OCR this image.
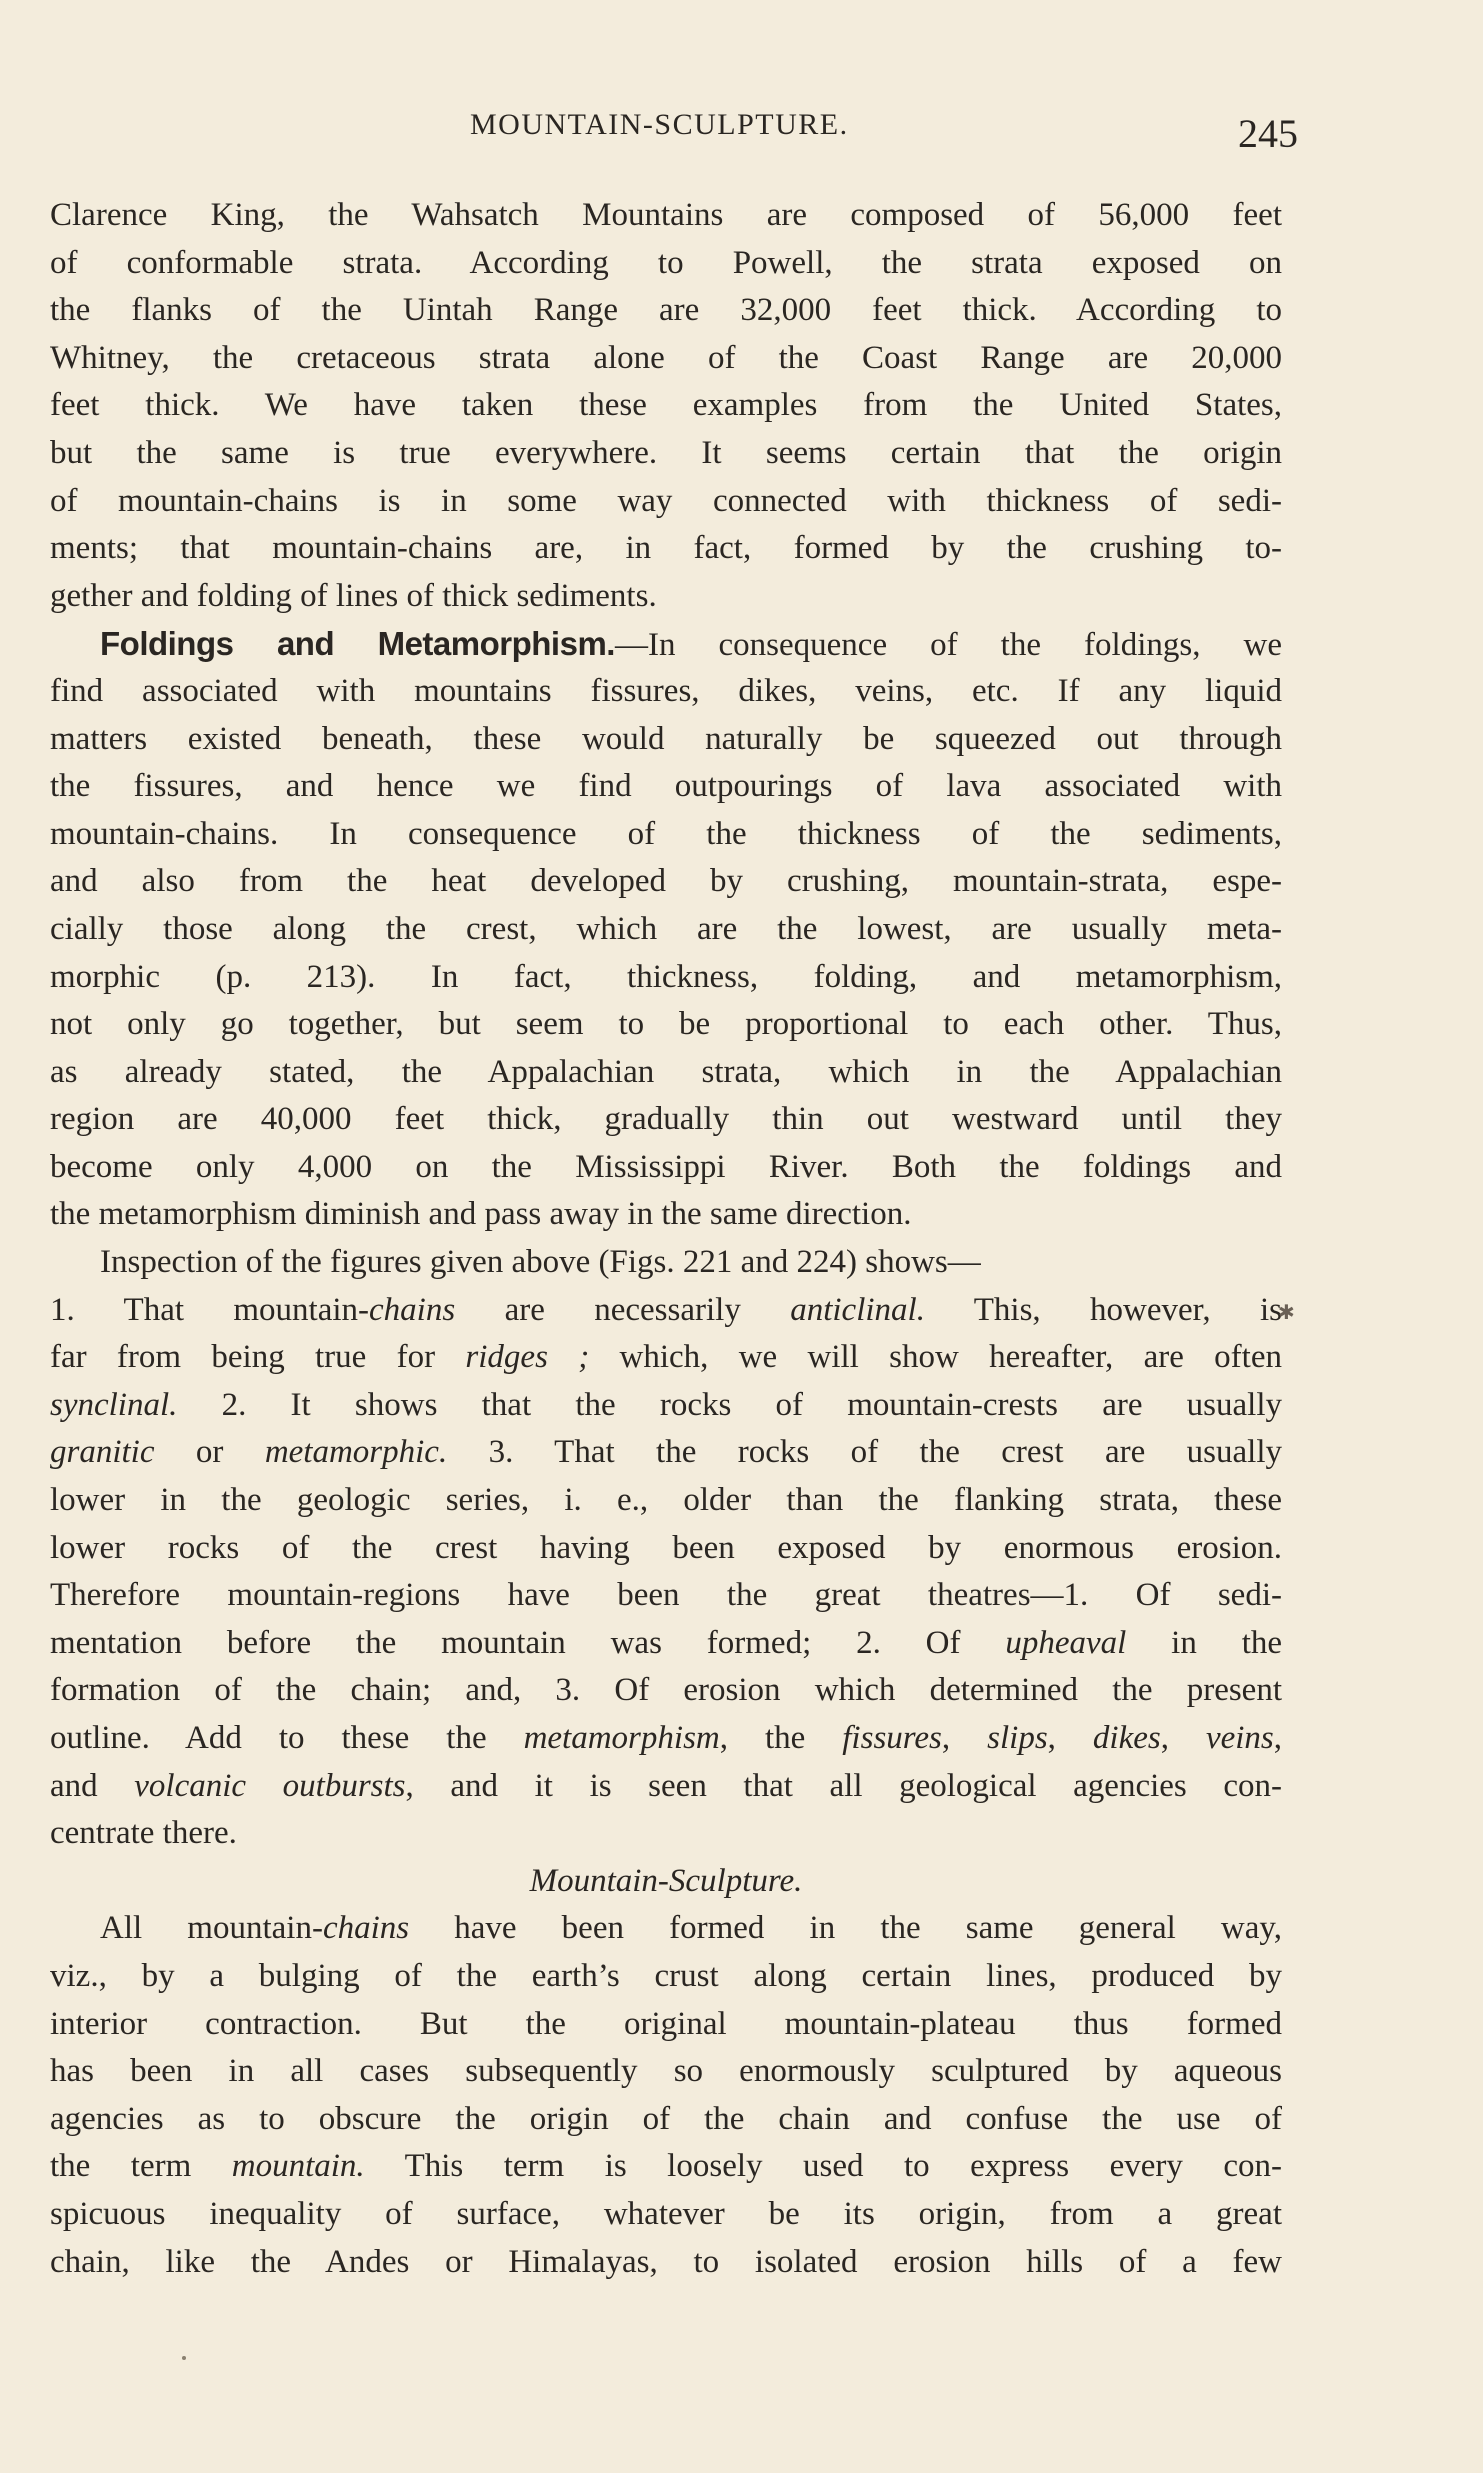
MOUNTAIN-SCULPTURE.	245
Clarence King, the Wahsatch Mountains are composed of 56,000 feet
of conformable strata. According to Powell, the strata exposed on
the flanks of the Uintah Range are 32,000 feet thick. According to
Whitney, the cretaceous strata alone of the Coast Range are 20,000
feet thick. We have taken these examples from the United States,
but the same is true everywhere. It seems certain that the origin
of mountain-chains is in some way connected with thickness of sedi-
ments; that mountain-chains are, in fact, formed by the crushing to-
gether and folding of lines of thick sediments.
Foldings and Metamorphism.—In consequence of the foldings, we
find associated with mountains fissures, dikes, veins, etc. If any liquid
matters existed beneath, these would naturally be squeezed out through
the fissures, and hence we find outpourings of lava associated with
mountain-chains. In consequence of the thickness of the sediments,
and also from the heat developed by crushing, mountain-strata, espe-
cially those along the crest, which are the lowest, are usually meta-
morphic (p. 213). In fact, thickness, folding, and metamorphism,
not only go together, but seem to be proportional to each other. Thus,
as already stated, the Appalachian strata, which in the Appalachian
region are 40,000 feet thick, gradually thin out westward until they
become only 4,000 on the Mississippi River. Both the foldings and
the metamorphism diminish and pass away in the same direction.
Inspection of the figures given above (Figs. 221 and 224) shows—
1. That mountain-chains are necessarily anticlinal. This, however, is
far from being true for ridges ; which, we will show hereafter, are often
synclinal. 2. It shows that the rocks of mountain-crests are usually
granitic or metamorphic. 3. That the rocks of the crest are usually
lower in the geologic series, i. e., older than the flanking strata, these
lower rocks of the crest having been exposed by enormous erosion.
Therefore mountain-regions have been the great theatres—1. Of sedi-
mentation before the mountain was formed; 2. Of upheaval in the
formation of the chain; and, 3. Of erosion which determined the present
outline. Add to these the metamorphism, the fissures, slips, dikes, veins,
and volcanic outbursts, and it is seen that all geological agencies con-
centrate there.
Mountain-Sculpture.
All mountain-chains have been formed in the same general way,
viz., by a bulging of the earth’s crust along certain lines, produced by
interior contraction. But the original mountain-plateau thus formed
has been in all cases subsequently so enormously sculptured by aqueous
agencies as to obscure the origin of the chain and confuse the use of
the term mountain. This term is loosely used to express every con-
spicuous inequality of surface, whatever be its origin, from a great
chain, like the Andes or Himalayas, to isolated erosion hills of a few
✱
